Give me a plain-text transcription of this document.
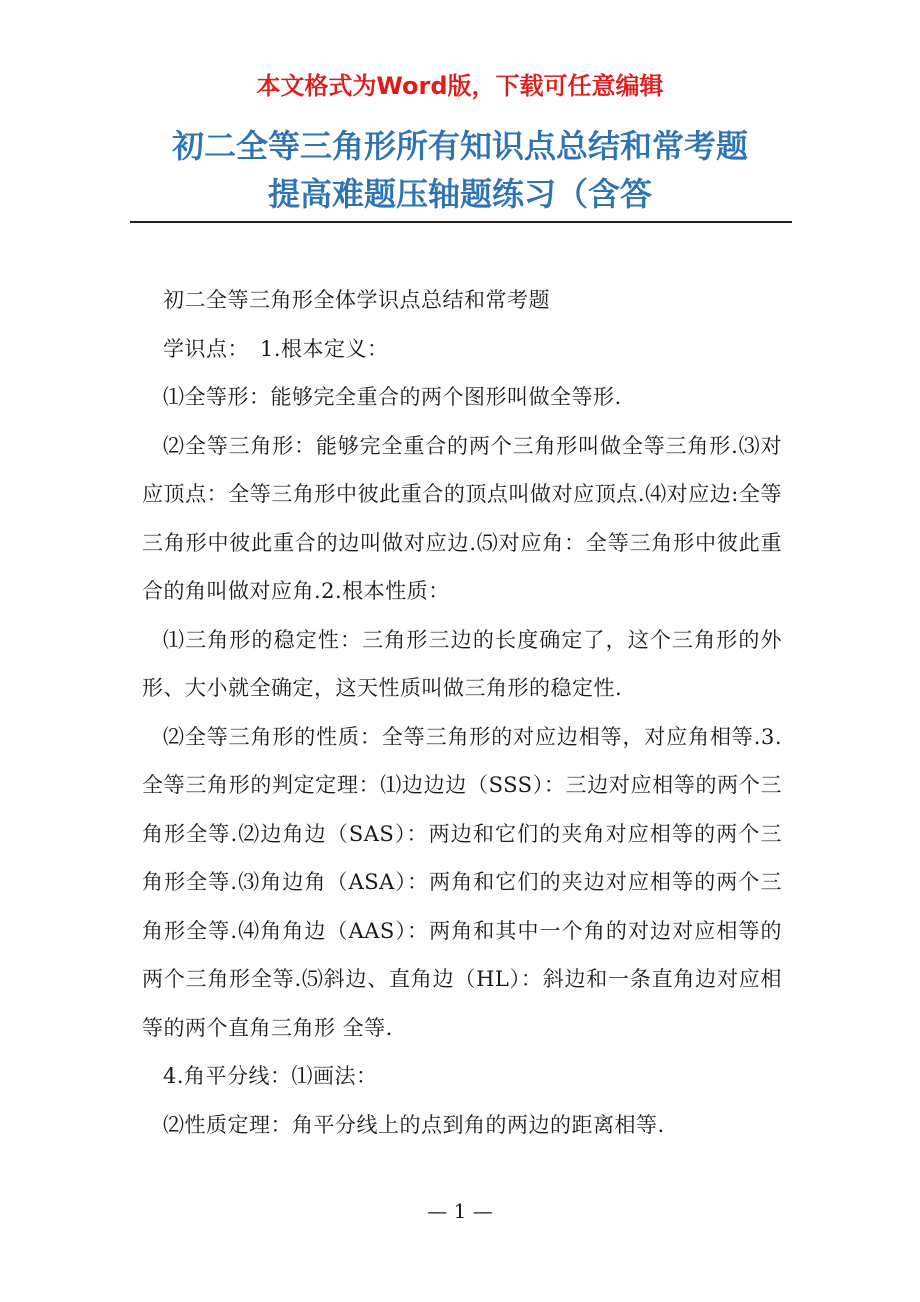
本文格式为Word版，下载可任意编辑
初二全等三角形所有知识点总结和常考题
提高难题压轴题练习（含答

初二全等三角形全体学识点总结和常考题

学识点：　1.根本定义：

⑴全等形：能够完全重合的两个图形叫做全等形.

⑵全等三角形：能够完全重合的两个三角形叫做全等三角形.⑶对应顶点：全等三角形中彼此重合的顶点叫做对应顶点.⑷对应边:全等三角形中彼此重合的边叫做对应边.⑸对应角：全等三角形中彼此重合的角叫做对应角.2.根本性质：

⑴三角形的稳定性：三角形三边的长度确定了，这个三角形的外形、大小就全确定，这天性质叫做三角形的稳定性.

⑵全等三角形的性质：全等三角形的对应边相等，对应角相等.3.全等三角形的判定定理：⑴边边边（SSS）：三边对应相等的两个三角形全等.⑵边角边（SAS）：两边和它们的夹角对应相等的两个三角形全等.⑶角边角（ASA）：两角和它们的夹边对应相等的两个三角形全等.⑷角角边（AAS）：两角和其中一个角的对边对应相等的两个三角形全等.⑸斜边、直角边（HL）：斜边和一条直角边对应相等的两个直角三角形 全等.

4.角平分线：⑴画法：

⑵性质定理：角平分线上的点到角的两边的距离相等.

— 1 —
